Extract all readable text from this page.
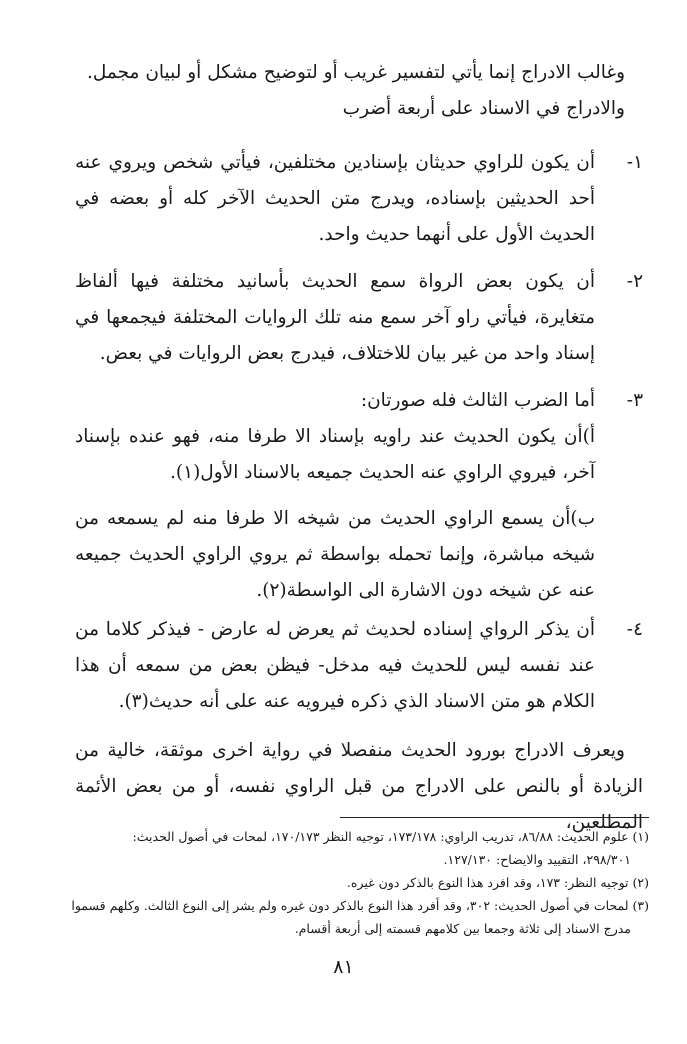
وغالب الادراج إنما يأتي لتفسير غريب أو لتوضيح مشكل أو لبيان مجمل.

والادراج في الاسناد على أربعة أضرب

١-
أن يكون للراوي حديثان بإسنادين مختلفين، فيأتي شخص ويروي عنه أحد الحديثين بإسناده، ويدرج متن الحديث الآخر كله أو بعضه في الحديث الأول على أنهما حديث واحد.
٢-
أن يكون بعض الرواة سمع الحديث بأسانيد مختلفة فيها ألفاظ متغايرة، فيأتي راو آخر سمع منه تلك الروايات المختلفة فيجمعها في إسناد واحد من غير بيان للاختلاف، فيدرج بعض الروايات في بعض.
٣-
أما الضرب الثالث فله صورتان:
أ)أن يكون الحديث عند راويه بإسناد الا طرفا منه، فهو عنده بإسناد آخر، فيروي الراوي عنه الحديث جميعه بالاسناد الأول(١).
ب)أن يسمع الراوي الحديث من شيخه الا طرفا منه لم يسمعه من شيخه مباشرة، وإنما تحمله بواسطة ثم يروي الراوي الحديث جميعه عنه عن شيخه دون الاشارة الى الواسطة(٢).
٤-
أن يذكر الرواي إسناده لحديث ثم يعرض له عارض - فيذكر كلاما من عند نفسه ليس للحديث فيه مدخل- فيظن بعض من سمعه أن هذا الكلام هو متن الاسناد الذي ذكره فيرويه عنه على أنه حديث(٣).

ويعرف الادراج بورود الحديث منفصلا في رواية اخرى موثقة، خالية من الزيادة أو بالنص على الادراج من قبل الراوي نفسه، أو من بعض الأئمة المطلعين،

(١) علوم الحديث: ٨٦/٨٨، تدريب الراوي: ١٧٣/١٧٨، توجيه النظر ١٧٠/١٧٣، لمحات في أصول الحديث:

٢٩٨/٣٠١، التقييد والايضاح: ١٢٧/١٣٠.

(٢) توجيه النظر: ١٧٣، وقد افرد هذا النوع بالذكر دون غيره.

(٣) لمحات في أصول الحديث: ٣٠٢، وقد أفرد هذا النوع بالذكر دون غيره ولم يشر إلى النوع الثالث. وكلهم قسموا

مدرج الاسناد إلى ثلاثة وجمعا بين كلامهم قسمته إلى أربعة أقسام.

٨١
